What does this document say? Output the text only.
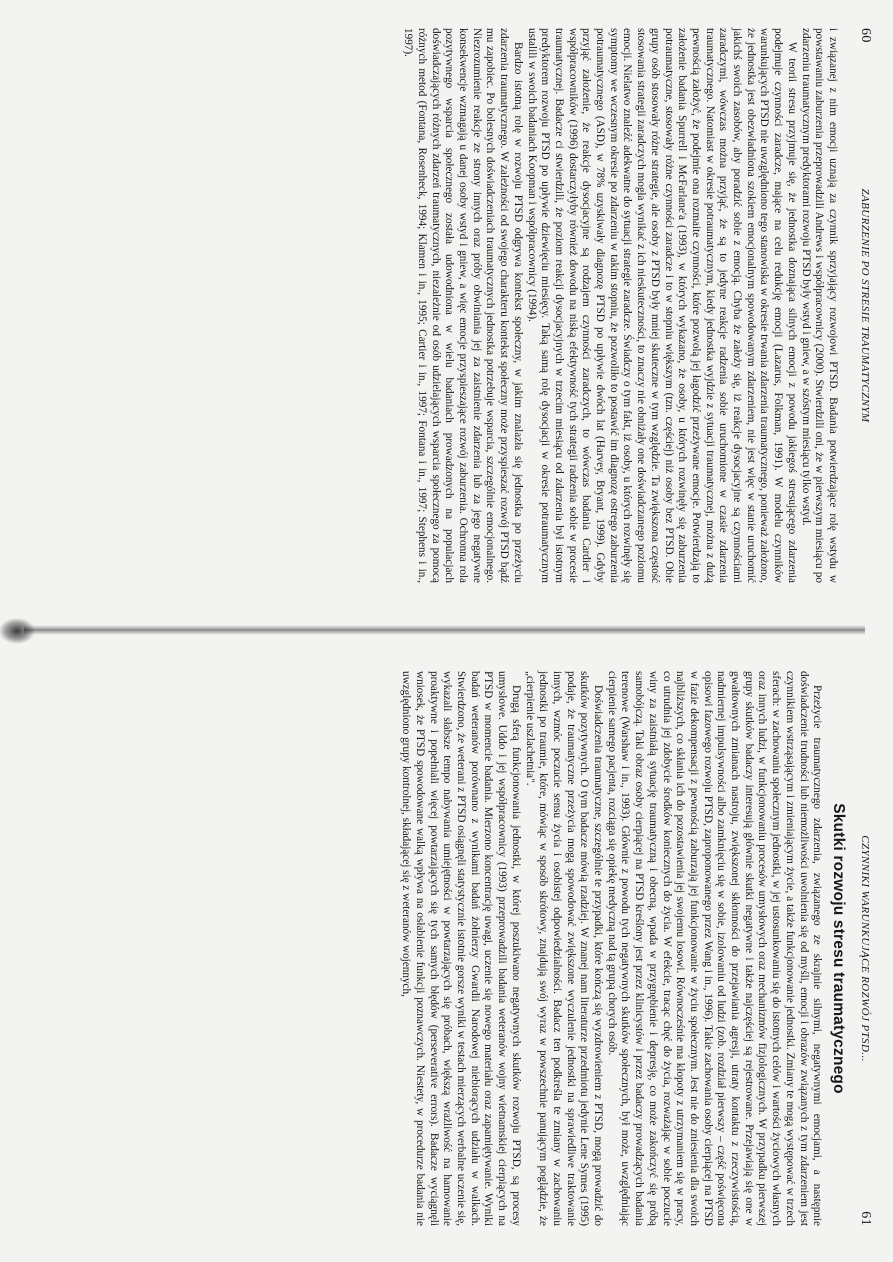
60
ZABURZENIE PO STRESIE TRAUMATYCZNYM

i związanej z nim emocji uznają za czynnik sprzyjający rozwojowi PTSD. Badania potwierdzające rolę wstydu w powstawaniu zaburzenia przeprowadzili Andrews i współpracownicy (2000). Stwierdzili oni, że w pierwszym miesiącu po zdarzeniu traumatycznym predyktorami rozwoju PTSD były wstyd i gniew, a w szóstym miesiącu tylko wstyd.

W teorii stresu przyjmuje się, że jednostka doznająca silnych emocji z powodu jakiegoś stresującego zdarzenia podejmuje czynności zaradcze, mające na celu redukcję emocji (Lazarus, Folkman, 1991). W modelu czynników warunkujących PTSD nie uwzględniono tego stanowiska w okresie trwania zdarzenia traumatycznego, ponieważ założono, że jednostka jest obezwładniona szokiem emocjonalnym spowodowanym zdarzeniem, nie jest więc w stanie uruchomić jakichś swoich zasobów, aby poradzić sobie z emocją. Chyba że założy się, iż reakcje dysocjacyjne są czynnościami zaradczymi, wówczas można przyjąć, że są to jedyne reakcje radzenia sobie uruchomione w czasie zdarzenia traumatycznego. Natomiast w okresie potraumatycznym, kiedy jednostka wyjdzie z sytuacji traumatycznej, można z dużą pewnością założyć, że podejmie ona rozmaite czynności, które pozwolą jej łagodzić przeżywane emocje. Potwierdzają to założenie badania Spurrell i McFarlane'a (1993), w których wykazano, że osoby, u których rozwinęły się zaburzenia potraumatyczne, stosowały różne czynności zaradcze i to w stopniu większym (tzn. częściej) niż osoby bez PTSD. Obie grupy osób stosowały różne strategie, ale osoby z PTSD były mniej skuteczne w tym względzie. Ta zwiększona częstość stosowania strategii zaradczych mogła wynikać z ich nieskuteczności, to znaczy nie obniżały one doświadczanego poziomu emocji. Nielatwo znaleźć adekwatne do sytuacji strategie zaradcze. Świadczy o tym fakt, iż osoby, u których rozwinęły się symptomy we wczesnym okresie po zdarzeniu w takim stopniu, że pozwoliło to postawić im diagnozę ostrego zaburzenia potraumatycznego (ASD), w 78% uzyskiwały diagnozę PTSD po upływie dwóch lat (Harvey, Bryant, 1999). Gdyby przyjąć założenie, że reakcje dysocjacyjne są rodzajem czynności zaradczych, to wówczas badania Cardier i współpracowników (1996) dostarczyłyby również dowodu na niską efektywność tych strategii radzenia sobie w procesie traumatycznej. Badacze ci stwierdzili, że poziom reakcji dysocjacyjnych w trzecim miesiącu od zdarzenia był istotnym predyktorem rozwoju PTSD po upływie dziewięciu miesięcy. Taką samą rolę dysocjacji w okresie potraumatycznym ustalili w swoich badaniach Koopman i współpracownicy (1994).

Bardzo istotną rolę w rozwoju PTSD odgrywa kontekst społeczny, w jakim znalazła się jednostka po przeżyciu zdarzenia traumatycznego. W zależności od swojego charakteru kontekst społeczny może przyspieszać rozwój PTSD bądź mu zapobiec. Po bolesnych doświadczeniach traumatycznych jednostka potrzebuje wsparcia, szczególnie emocjonalnego. Niezrozumienie reakcje ze strony innych oraz próby obwiniania jej za zaistnienie zdarzenia lub za jego negatywne konsekwencje wzmagają u danej osoby wstyd i gniew, a więc emocje przyspieszające rozwój zaburzenia. Ochronna rola pozytywnego wsparcia społecznego została udowodniona w wielu badaniach prowadzonych na populacjach doświadczających różnych zdarzeń traumatycznych, niezależnie od osób udzielających wsparcia społecznego za pomocą różnych metod (Fontana, Rosenheck, 1994; Klamen i in., 1995; Cartier i in., 1997; Fontana i in., 1997; Stephens i in., 1997).

CZYNNIKI WARUNKUJĄCE ROZWÓJ PTSD...
61
Skutki rozwoju stresu traumatycznego

Przeżycie traumatycznego zdarzenia, związanego ze skrajnie silnymi, negatywnymi emocjami, a następnie doświadczenie trudności lub niemożliwości uwolnienia się od myśli, emocji i obrazów związanych z tym zdarzeniem jest czynnikiem wstrząsającym i zmieniającym życie, a także funkcjonowanie jednostki. Zmiany te mogą występować w trzech sferach: w zachowaniu społecznym jednostki, w jej ustosunkowaniu się do istotnych celów i wartości życiowych własnych oraz innych ludzi, w funkcjonowaniu procesów umysłowych oraz mechanizmów fizjologicznych. W przypadku pierwszej grupy skutków badaczy interesują głównie skutki negatywne i także najczęściej są rejestrowane. Przejawiają się one w gwałtownych zmianach nastroju, zwiększonej skłonności do przejawiania agresji, utraty kontaktu z rzeczywistością, nadmiernej impulsywności albo zamknięciu się w sobie, izolowaniu od ludzi (zob. rozdział pierwszy – część poświęcona opisowi fazowego rozwoju PTSD, zaproponowanego przez Wang i in., 1996). Takie zachowania osoby cierpiącej na PTSD w fazie dekompensacji z pewnością zaburzają jej funkcjonowanie w życiu społecznym. Jest nie do zniesienia dla swoich najbliższych, co skłania ich do pozostawienia jej swojemu losowi. Równocześnie ma kłopoty z utrzymaniem się w pracy, co utrudnia jej zdobycie środków koniecznych do życia. W efekcie, tracąc chęć do życia, rozważając w sobie poczucie winy za zaistniałą sytuację traumatyczną i obecną, wpada w przygnębienie i depresję, co może zakończyć się próbą samobójczą. Taki obraz osoby cierpiącej na PTSD kreślony jest przez klinicystów i przez badaczy prowadzących badania terenowe (Warshaw i in., 1993). Głównie z powodu tych negatywnych skutków społecznych, był może, uwzględniając cierpienie samego pacjenta, rozciąga się opiekę medyczną nad tą grupą chorych osób.

Doświadczenia traumatyczne, szczególnie te przypadki, które kończą się wyzdrowieniem z PTSD, mogą prowadzić do skutków pozytywnych. O tym badacze mówią rzadziej. W znanej nam literaturze przedmiotu jedynie Lene Symes (1995) podaje, że traumatyczne przeżycia mogą spowodować zwiększone wyczulenie jednostki na sprawiedliwe traktowanie innych, wzmóc poczucie sensu życia i osobistej odpowiedzialności. Badacz ten podkreśla te zmiany w zachowaniu jednostki po traumie, które, mówiąc w sposób skrótowy, znajdują swój wyraz w powszechnie panującym poglądzie, że „cierpienie uszlachetnia".

Drugą sferą funkcjonowania jednostki, w której poszukiwano negatywnych skutków rozwoju PTSD, są procesy umysłowe. Uddo i jej współpracownicy (1993) przeprowadzili badania weteranów wojny wietnamskiej cierpiących na PTSD w momencie badania. Mierzono koncentrację uwagi, uczenie się nowego materiału oraz zapamiętywanie. Wyniki badań weteranów porównano z wynikami badań żołnierzy Gwardii Narodowej niebiorących udziału w walkach. Stwierdzono, że weterani z PTSD osiągnęli statystycznie istotnie gorsze wyniki w testach mierzących werbalne uczenie się, wykazali słabsze tempo nabywania umiejętności w powtarzających się próbach, większą wrażliwość na hamowanie proaktywne i popełniali więcej powtarzających się tych samych błędów (perseverative errors). Badacze wyciągnęli wniosek, że PTSD spowodowane walką wpływa na osłabienie funkcji poznawczych. Niestety, w procedurze badania nie uwzględniono grupy kontrolnej, składającej się z weteranów wojennych,
